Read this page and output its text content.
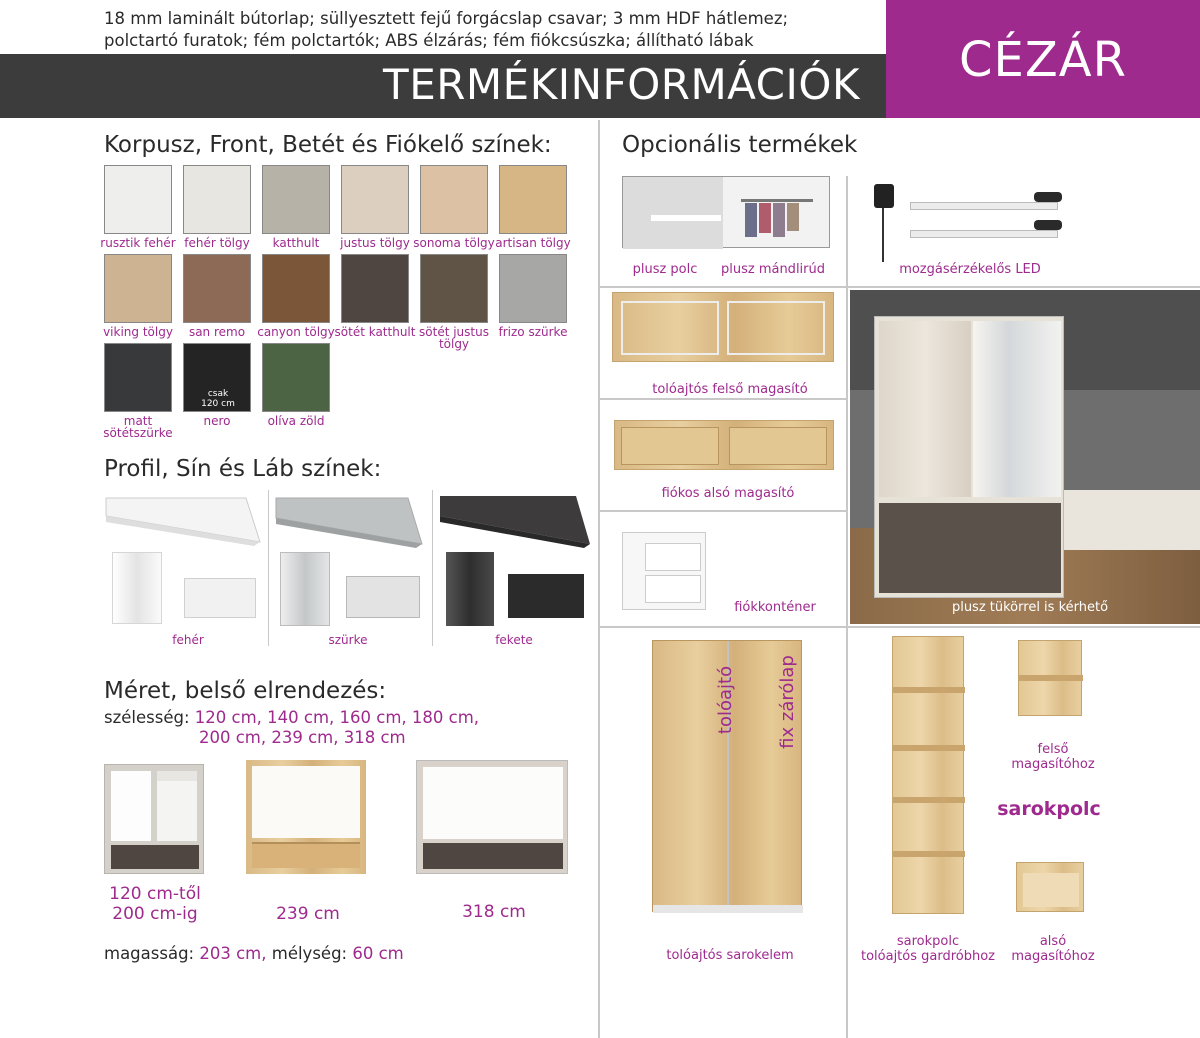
18 mm laminált bútorlap; süllyesztett fejű forgácslap csavar; 3 mm HDF hátlemez;
polctartó furatok; fém polctartók; ABS élzárás; fém fiókcsúszka; állítható lábak
TERMÉKINFORMÁCIÓK	CÉZÁR
Korpusz, Front, Betét és Fiókelő színek:
rusztik fehér fehér tölgy	katthult	justus tölgy sonoma tölgy artisan tölgy
viking tölgy	san remo	canyon tölgy sötét katthult sötét justus tölgy
frizo szürke
matt sötétszürke
csak 120 cm
nero	olíva zöld
Profil, Sín és Láb színek:
fehér	szürke	fekete
Méret, belső elrendezés:
szélesség: 120 cm, 140 cm, 160 cm, 180 cm,
200 cm, 239 cm, 318 cm
120 cm-től
200 cm-ig	239 cm	318 cm
magasság: 203 cm, mélység: 60 cm
Opcionális termékek
plusz polc	plusz mándlirúd	mozgásérzékelős LED
tolóajtós felső magasító
fiókos alsó magasító
fiókkonténer	plusz tükörrel is kérhető
tolóajtó fix zárólap
tolóajtós sarokelem
sarokpolc
tolóajtós gardróbhoz
felső
magasítóhoz
sarokpolc
alsó
magasítóhoz
